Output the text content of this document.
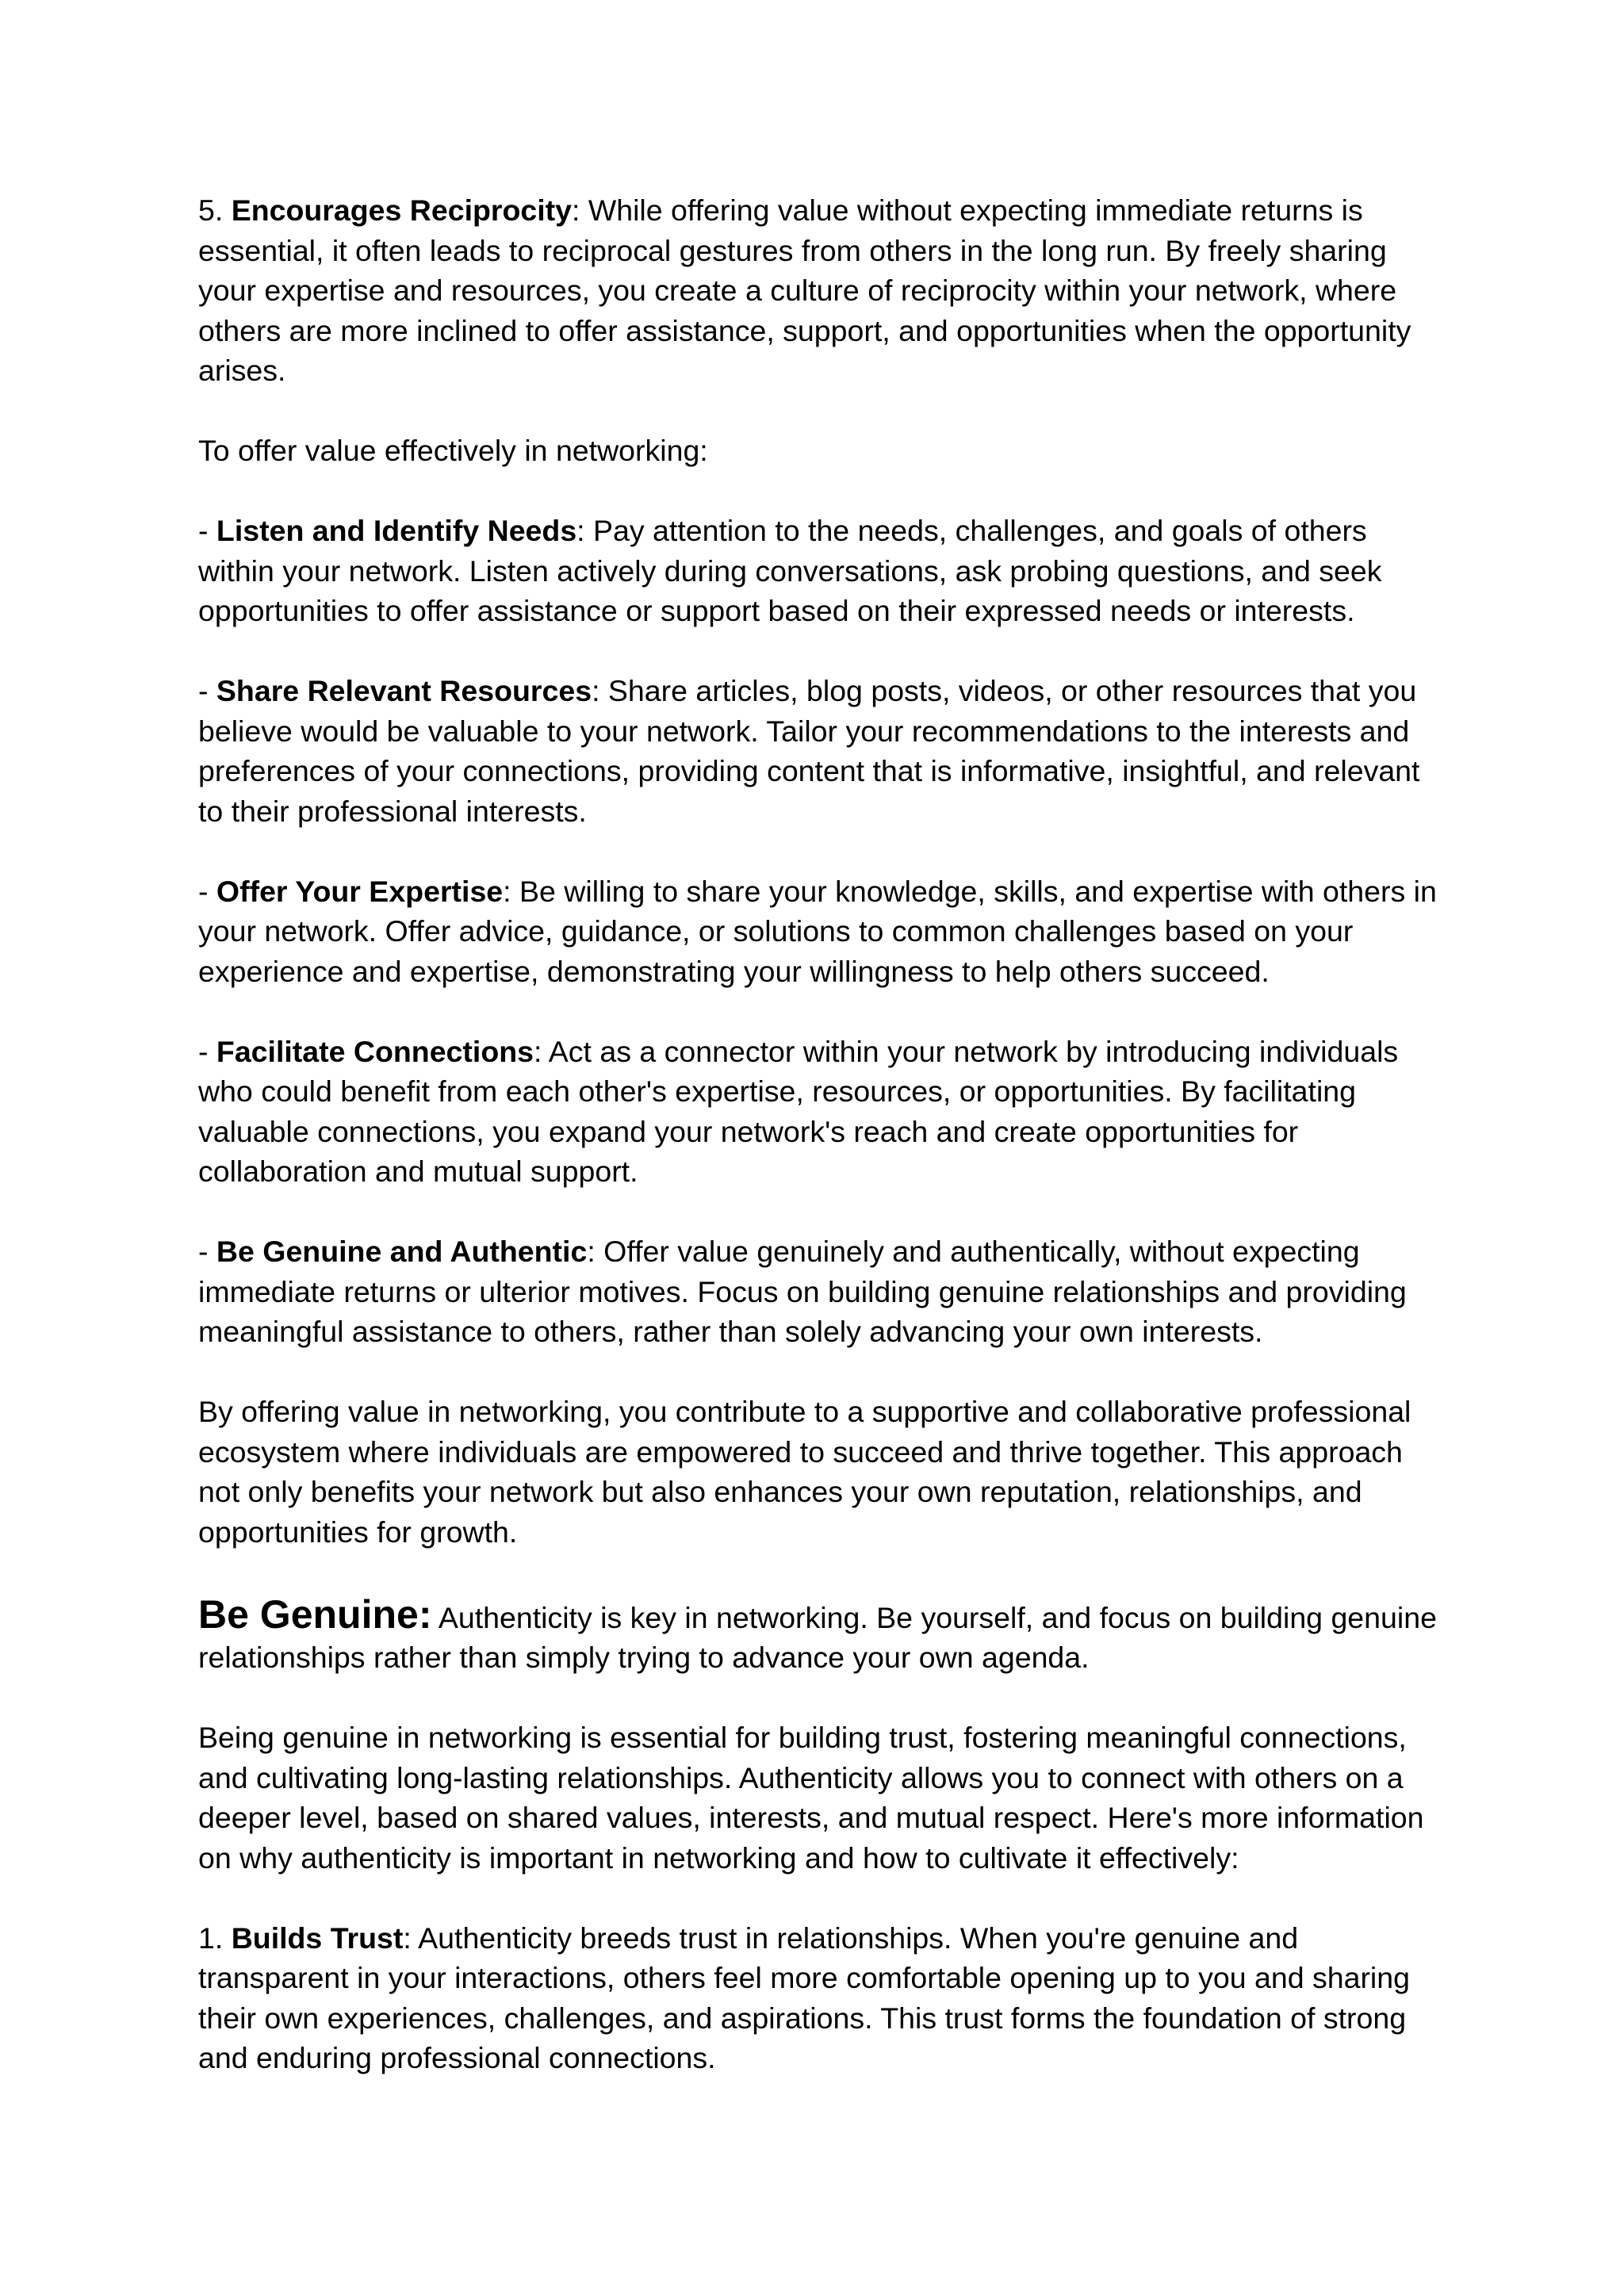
5. Encourages Reciprocity: While offering value without expecting immediate returns is essential, it often leads to reciprocal gestures from others in the long run. By freely sharing your expertise and resources, you create a culture of reciprocity within your network, where others are more inclined to offer assistance, support, and opportunities when the opportunity arises.

To offer value effectively in networking:

- Listen and Identify Needs: Pay attention to the needs, challenges, and goals of others within your network. Listen actively during conversations, ask probing questions, and seek opportunities to offer assistance or support based on their expressed needs or interests.

- Share Relevant Resources: Share articles, blog posts, videos, or other resources that you believe would be valuable to your network. Tailor your recommendations to the interests and preferences of your connections, providing content that is informative, insightful, and relevant to their professional interests.

- Offer Your Expertise: Be willing to share your knowledge, skills, and expertise with others in your network. Offer advice, guidance, or solutions to common challenges based on your experience and expertise, demonstrating your willingness to help others succeed.

- Facilitate Connections: Act as a connector within your network by introducing individuals who could benefit from each other's expertise, resources, or opportunities. By facilitating valuable connections, you expand your network's reach and create opportunities for collaboration and mutual support.

- Be Genuine and Authentic: Offer value genuinely and authentically, without expecting immediate returns or ulterior motives. Focus on building genuine relationships and providing meaningful assistance to others, rather than solely advancing your own interests.

By offering value in networking, you contribute to a supportive and collaborative professional ecosystem where individuals are empowered to succeed and thrive together. This approach not only benefits your network but also enhances your own reputation, relationships, and opportunities for growth.

Be Genuine: Authenticity is key in networking. Be yourself, and focus on building genuine relationships rather than simply trying to advance your own agenda.

Being genuine in networking is essential for building trust, fostering meaningful connections, and cultivating long-lasting relationships. Authenticity allows you to connect with others on a deeper level, based on shared values, interests, and mutual respect. Here's more information on why authenticity is important in networking and how to cultivate it effectively:

1. Builds Trust: Authenticity breeds trust in relationships. When you're genuine and transparent in your interactions, others feel more comfortable opening up to you and sharing their own experiences, challenges, and aspirations. This trust forms the foundation of strong and enduring professional connections.
